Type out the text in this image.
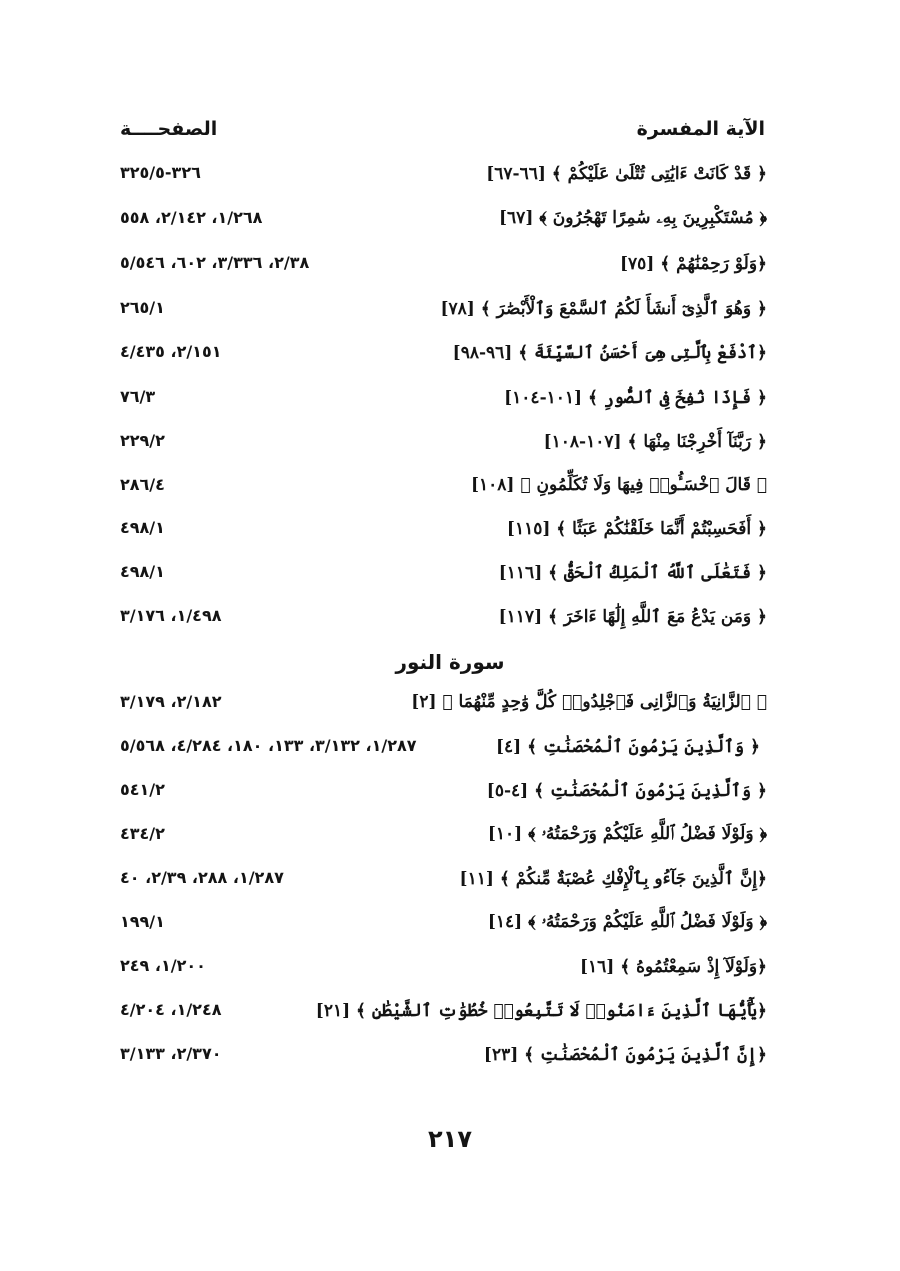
الآية المفسرة
الصفحــــة
﴿ قَدْ كَانَتْ ءَايَٰتِى تُتْلَىٰ عَلَيْكُمْ ﴾ [٦٦-٦٧]
٣٢٦-٣٢٥/٥
﴿ مُسْتَكْبِرِينَ بِهِۦ سَٰمِرًا تَهْجُرُونَ ﴾ [٦٧]
١/٢٦٨، ٢/١٤٢، ٥٥٨
﴿وَلَوْ رَحِمْنَٰهُمْ ﴾ [٧٥]
٢/٣٨، ٣/٣٣٦، ٦٠٢، ٥/٥٤٦
﴿ وَهُوَ ٱلَّذِىٓ أَنشَأَ لَكُمُ ٱلسَّمْعَ وَٱلْأَبْصَٰرَ ﴾ [٧٨]
٢٦٥/١
﴿ٱدْفَعْ بِٱلَّتِى هِىَ أَحْسَنُ ٱلسَّيِّئَةَ ﴾ [٩٦-٩٨]
٢/١٥١، ٤/٤٣٥
﴿ فَإِذَا نُفِخَ فِى ٱلصُّورِ ﴾ [١٠١-١٠٤]
٧٦/٣
﴿ رَبَّنَآ أَخْرِجْنَا مِنْهَا ﴾ [١٠٧-١٠٨]
٢٢٩/٢
﴿ قَالَ ٱخْسَـُٔوا۟ فِيهَا وَلَا تُكَلِّمُونِ ﴾ [١٠٨]
٢٨٦/٤
﴿ أَفَحَسِبْتُمْ أَنَّمَا خَلَقْنَٰكُمْ عَبَثًا ﴾ [١١٥]
٤٩٨/١
﴿ فَتَعَٰلَى ٱللَّهُ ٱلْمَلِكُ ٱلْحَقُّ ﴾ [١١٦]
٤٩٨/١
﴿ وَمَن يَدْعُ مَعَ ٱللَّهِ إِلَٰهًا ءَاخَرَ ﴾ [١١٧]
١/٤٩٨، ٣/١٧٦
سورة النور
﴿ ٱلزَّانِيَةُ وَٱلزَّانِى فَٱجْلِدُوا۟ كُلَّ وَٰحِدٍ مِّنْهُمَا ﴾ [٢]
٢/١٨٢، ٣/١٧٩
﴿ وَٱلَّذِينَ يَرْمُونَ ٱلْمُحْصَنَٰتِ ﴾ [٤]
١/٢٨٧، ٣/١٣٢، ١٣٣، ١٨٠، ٤/٢٨٤، ٥/٥٦٨
﴿ وَٱلَّذِينَ يَرْمُونَ ٱلْمُحْصَنَٰتِ ﴾ [٤-٥]
٥٤١/٢
﴿ وَلَوْلَا فَضْلُ ٱللَّهِ عَلَيْكُمْ وَرَحْمَتُهُۥ ﴾ [١٠]
٤٣٤/٢
﴿إِنَّ ٱلَّذِينَ جَآءُو بِٱلْإِفْكِ عُصْبَةٌ مِّنكُمْ ﴾ [١١]
١/٢٨٧، ٢٨٨، ٢/٣٩، ٤٠
﴿ وَلَوْلَا فَضْلُ ٱللَّهِ عَلَيْكُمْ وَرَحْمَتُهُۥ ﴾ [١٤]
١٩٩/١
﴿وَلَوْلَآ إِذْ سَمِعْتُمُوهُ ﴾ [١٦]
١/٢٠٠، ٢٤٩
﴿يَٰٓأَيُّهَا ٱلَّذِينَ ءَامَنُوا۟ لَا تَتَّبِعُوا۟ خُطُوَٰتِ ٱلشَّيْطَٰنِ ﴾ [٢١]
١/٢٤٨، ٤/٢٠٤
﴿إِنَّ ٱلَّذِينَ يَرْمُونَ ٱلْمُحْصَنَٰتِ ﴾ [٢٣]
٢/٣٧٠، ٣/١٣٣
٢١٧
